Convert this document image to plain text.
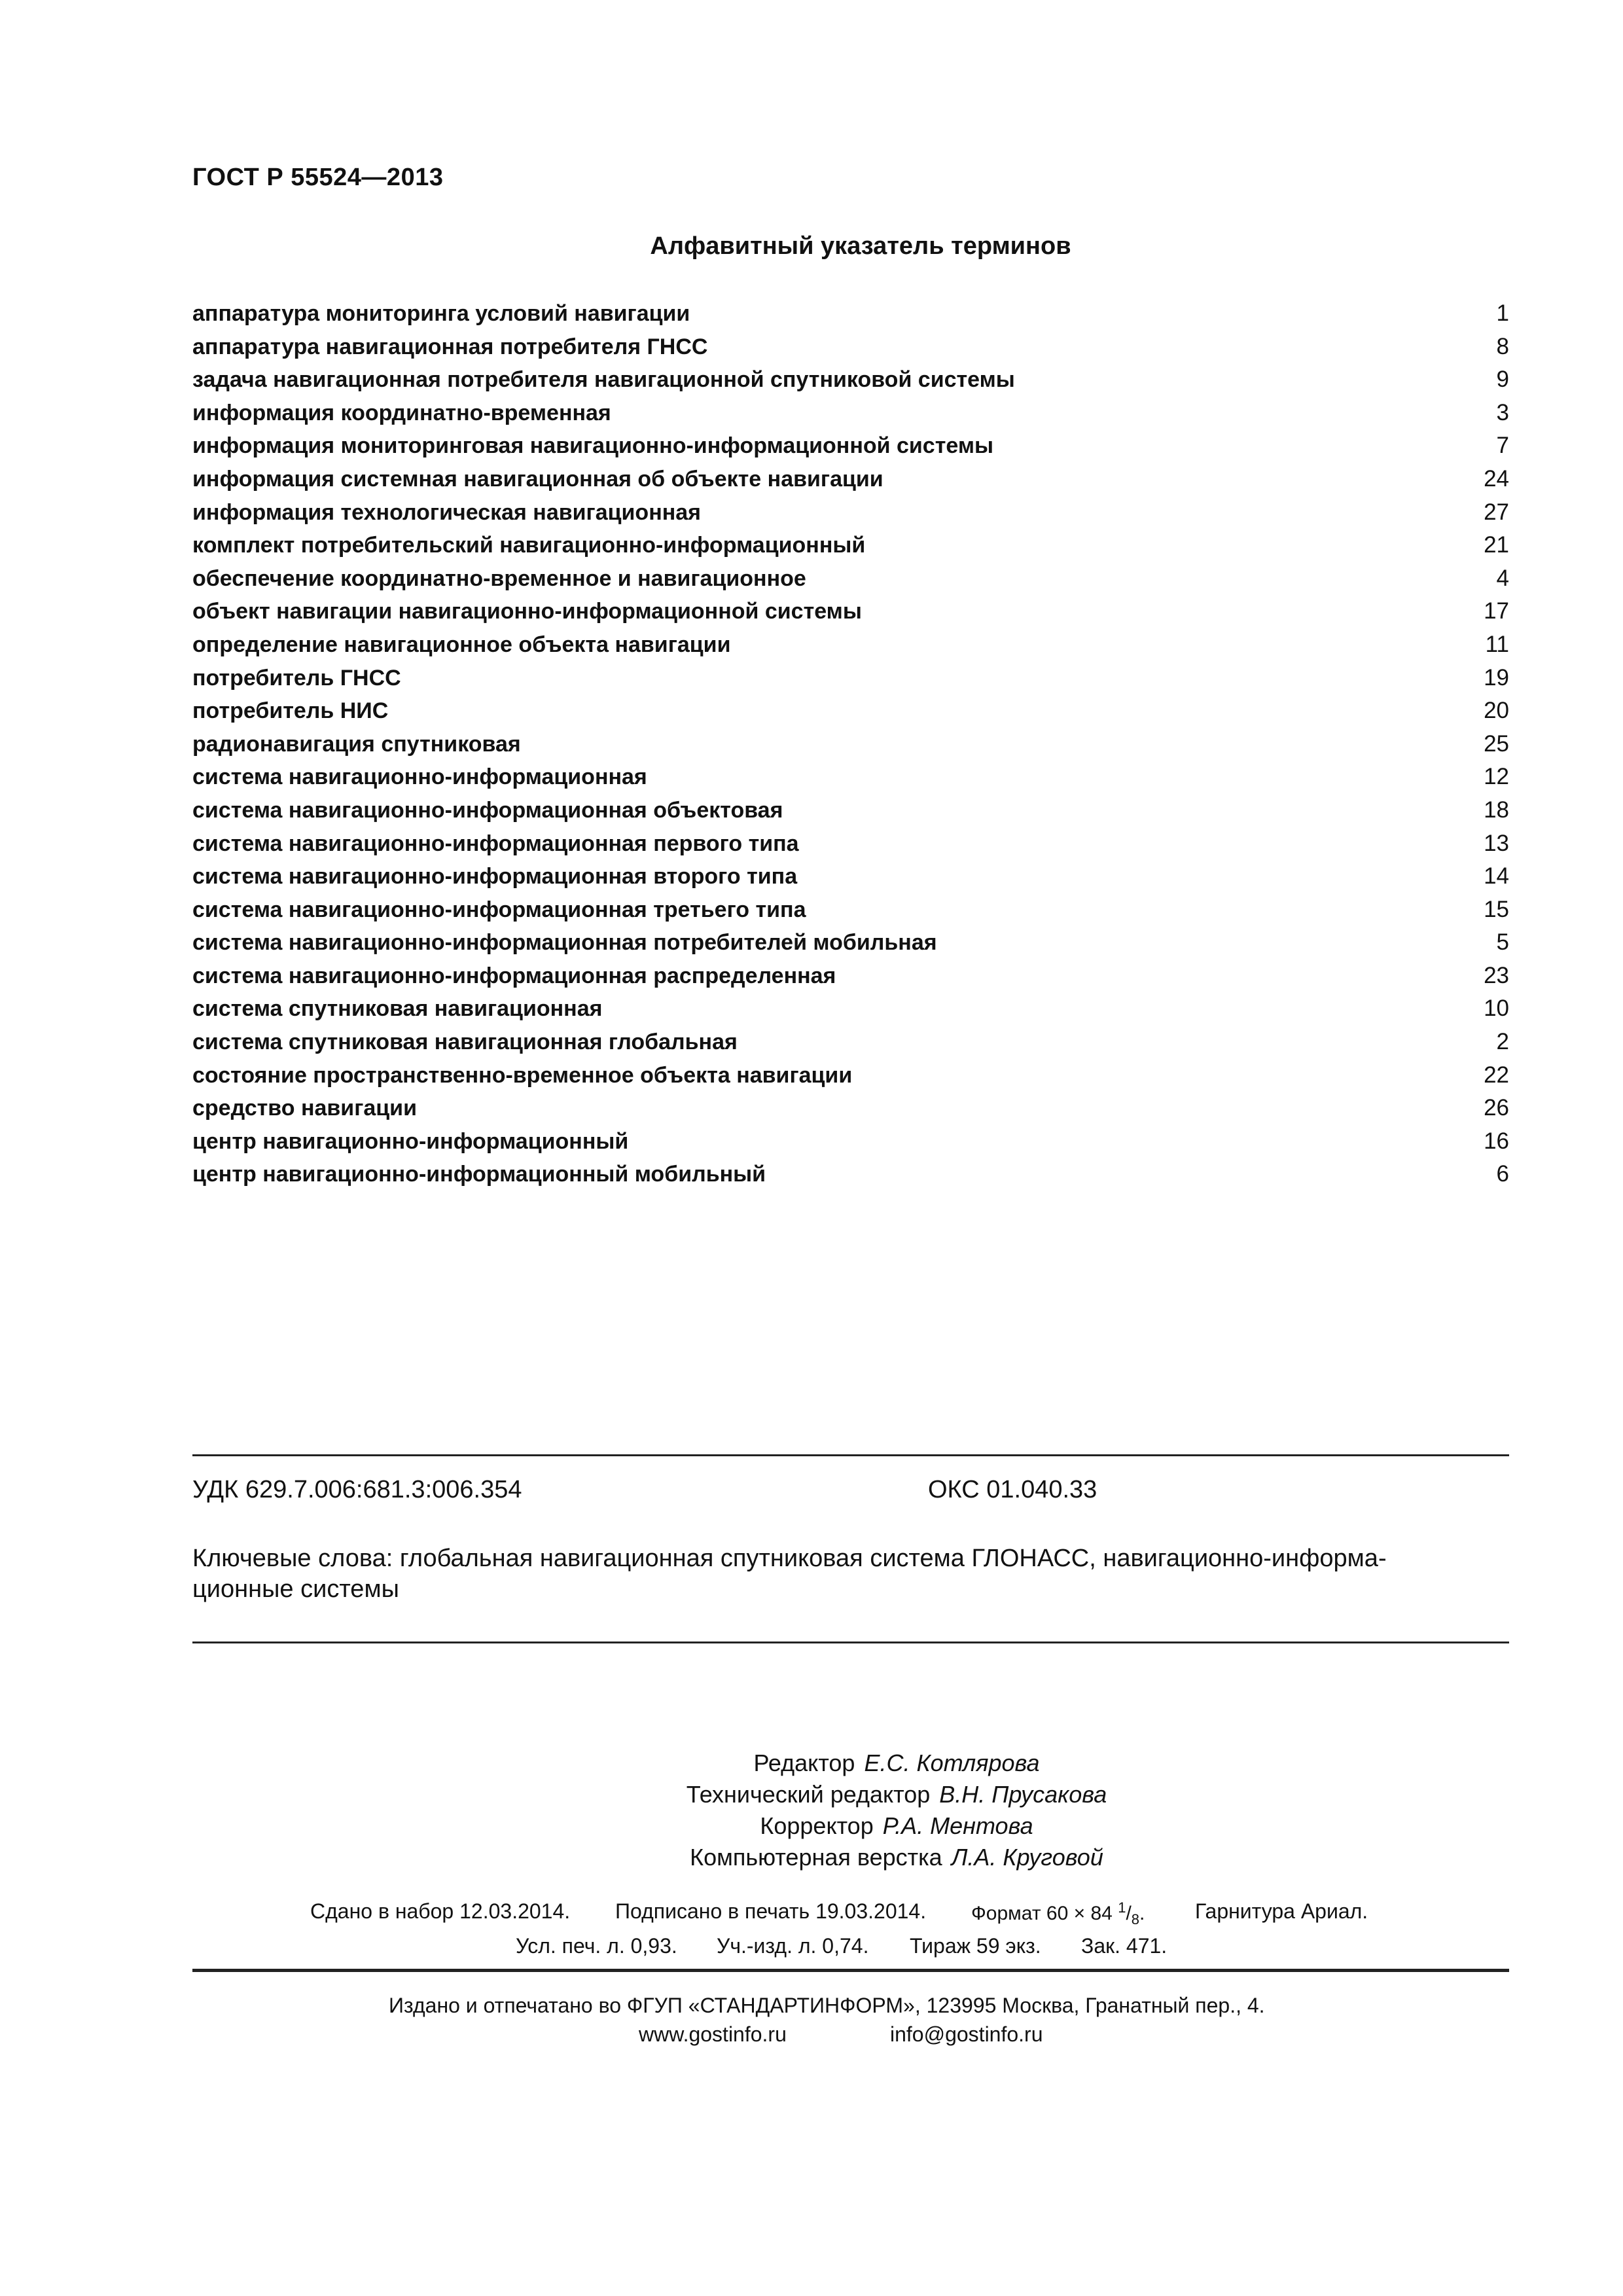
ГОСТ Р 55524—2013
Алфавитный указатель терминов
аппаратура мониторинга условий навигации	1
аппаратура навигационная потребителя ГНСС	8
задача навигационная потребителя навигационной спутниковой системы	9
информация координатно-временная	3
информация мониторинговая навигационно-информационной системы	7
информация системная навигационная об объекте навигации	24
информация технологическая навигационная	27
комплект потребительский навигационно-информационный	21
обеспечение координатно-временное и навигационное	4
объект навигации навигационно-информационной системы	17
определение навигационное объекта навигации	11
потребитель ГНСС	19
потребитель НИС	20
радионавигация спутниковая	25
система навигационно-информационная	12
система навигационно-информационная объектовая	18
система навигационно-информационная первого типа	13
система навигационно-информационная второго типа	14
система навигационно-информационная третьего типа	15
система навигационно-информационная потребителей мобильная	5
система навигационно-информационная распределенная	23
система спутниковая навигационная	10
система спутниковая навигационная глобальная	2
состояние пространственно-временное объекта навигации	22
средство навигации	26
центр навигационно-информационный	16
центр навигационно-информационный мобильный	6
УДК 629.7.006:681.3:006.354	ОКС 01.040.33
Ключевые слова: глобальная навигационная спутниковая система ГЛОНАСС, навигационно-информа-
ционные системы
Редактор Е.С. Котлярова
Технический редактор В.Н. Прусакова
Корректор Р.А. Ментова
Компьютерная верстка Л.А. Круговой
Сдано в набор 12.03.2014. Подписано в печать 19.03.2014. Формат 60 × 84 $^1/_8$. Гарнитура Ариал.
Усл. печ. л. 0,93. Уч.-изд. л. 0,74. Тираж 59 экз. Зак. 471.
Издано и отпечатано во ФГУП «СТАНДАРТИНФОРМ», 123995 Москва, Гранатный пер., 4.
www.gostinfo.ru	info@gostinfo.ru
